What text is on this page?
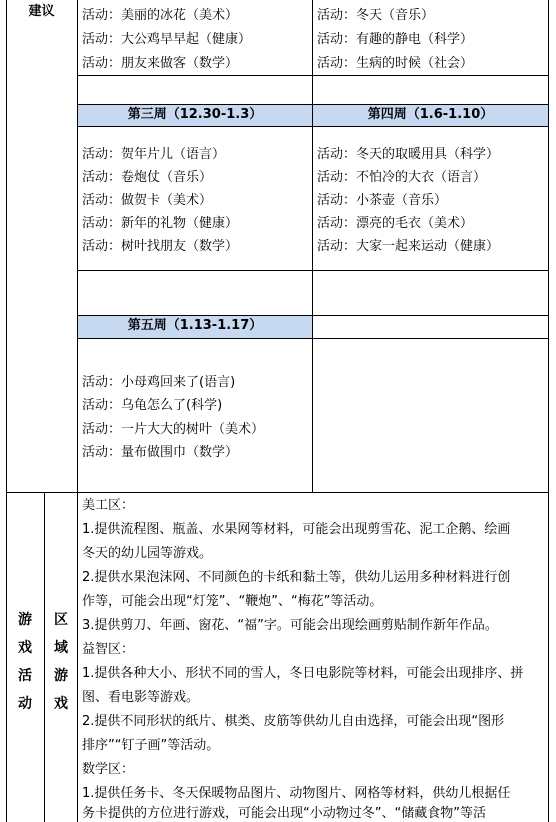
建议	活动：美丽的冰花（美术）
活动：大公鸡早早起（健康）
活动：朋友来做客（数学）
活动：冬天（音乐）
活动：有趣的静电（科学）
活动：生病的时候（社会）
第三周（12.30-1.3）	第四周（1.6-1.10）
活动：贺年片儿（语言）
活动：卷炮仗（音乐）
活动：做贺卡（美术）
活动：新年的礼物（健康）
活动：树叶找朋友（数学）
活动：冬天的取暖用具（科学）
活动：不怕冷的大衣（语言）
活动：小茶壶（音乐）
活动：漂亮的毛衣（美术）
活动：大家一起来运动（健康）
第五周（1.13-1.17）
活动：小母鸡回来了(语言)
活动：乌龟怎么了(科学)
活动：一片大大的树叶（美术）
活动：量布做围巾（数学）
游
戏
活
动
区
域
游
戏
美工区：
1.提供流程图、瓶盖、水果网等材料，可能会出现剪雪花、泥工企鹅、绘画
冬天的幼儿园等游戏。
2.提供水果泡沫网、不同颜色的卡纸和黏土等，供幼儿运用多种材料进行创
作等，可能会出现“灯笼”、“鞭炮”、“梅花”等活动。
3.提供剪刀、年画、窗花、“福”字。可能会出现绘画剪贴制作新年作品。
益智区：
1.提供各种大小、形状不同的雪人，冬日电影院等材料，可能会出现排序、拼
图、看电影等游戏。
2.提供不同形状的纸片、棋类、皮筋等供幼儿自由选择，可能会出现“图形
排序”“钉子画”等活动。
数学区：
1.提供任务卡、冬天保暖物品图片、动物图片、网格等材料，供幼儿根据任
务卡提供的方位进行游戏，可能会出现“小动物过冬”、“储藏食物”等活
